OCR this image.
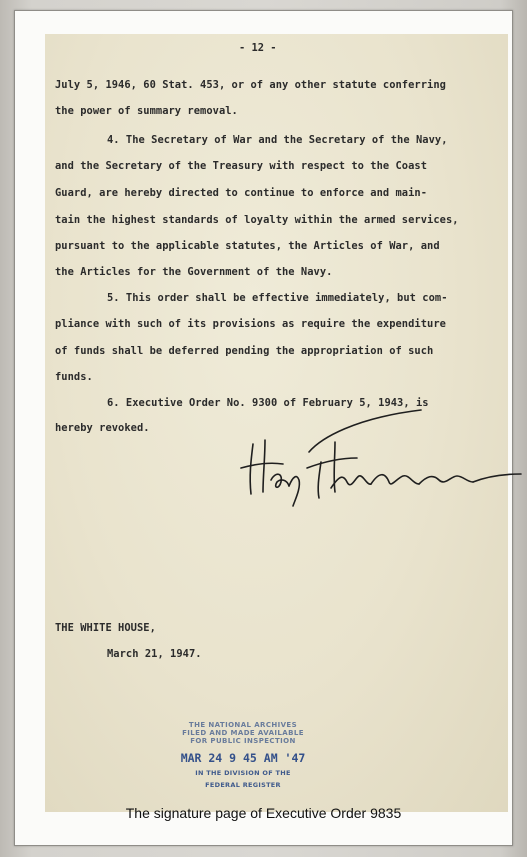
- 12 -
July 5, 1946, 60 Stat. 453, or of any other statute conferring
the power of summary removal.
4. The Secretary of War and the Secretary of the Navy,
and the Secretary of the Treasury with respect to the Coast
Guard, are hereby directed to continue to enforce and main-
tain the highest standards of loyalty within the armed services,
pursuant to the applicable statutes, the Articles of War, and
the Articles for the Government of the Navy.
5. This order shall be effective immediately, but com-
pliance with such of its provisions as require the expenditure
of funds shall be deferred pending the appropriation of such
funds.
6. Executive Order No. 9300 of February 5, 1943, is
hereby revoked.
THE WHITE HOUSE,
March 21, 1947.
THE NATIONAL ARCHIVES
FILED AND MADE AVAILABLE
FOR PUBLIC INSPECTION
MAR 24 9 45 AM '47
IN THE DIVISION OF THE
FEDERAL REGISTER
The signature page of Executive Order 9835
